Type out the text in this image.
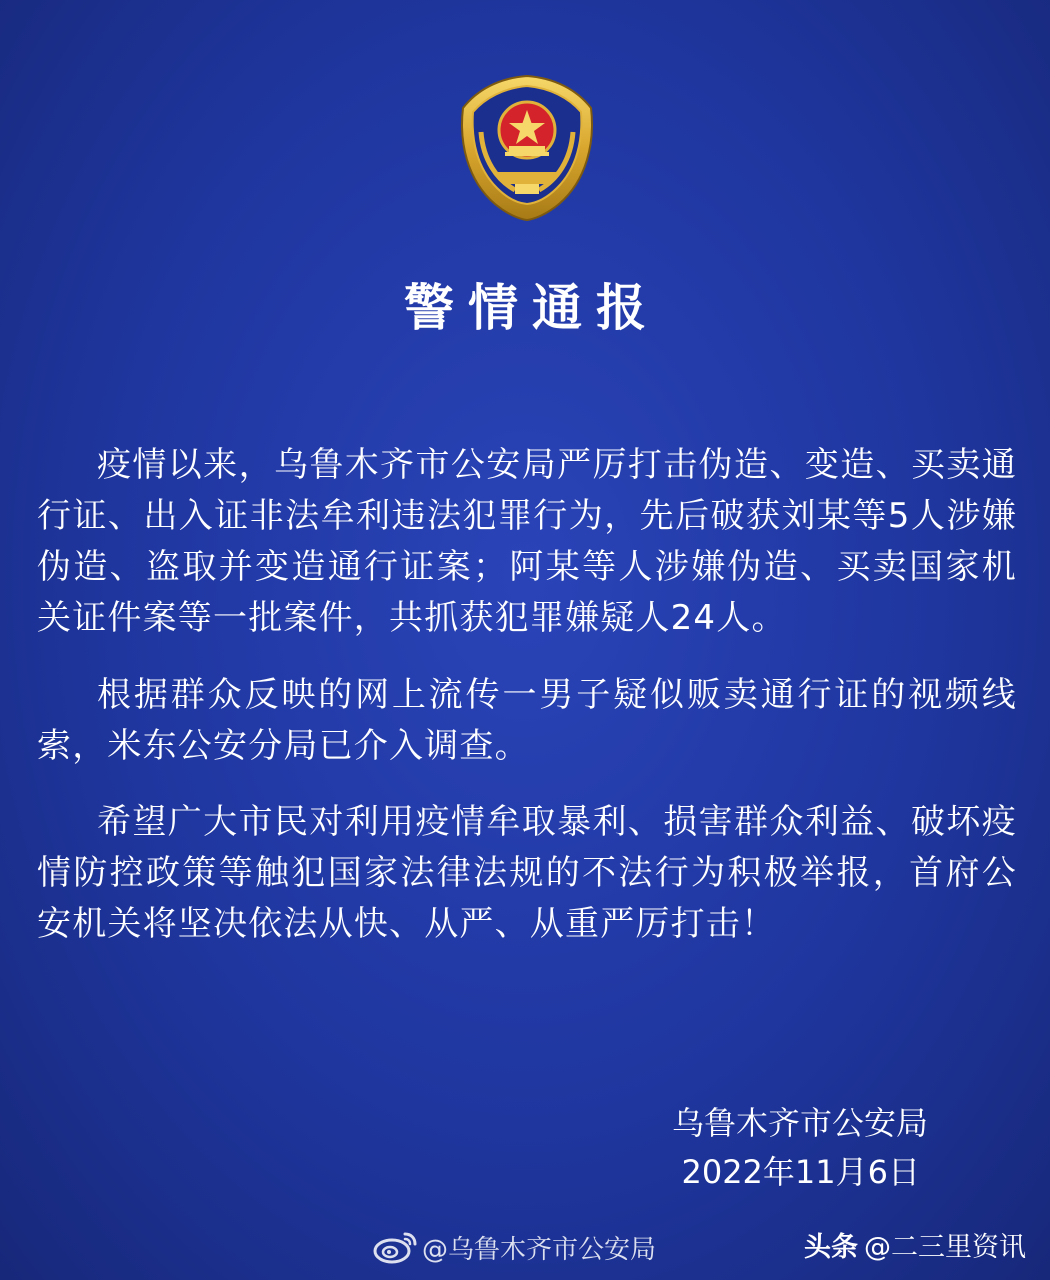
警情通报
疫情以来，乌鲁木齐市公安局严厉打击伪造、变造、买卖通行证、出入证非法牟利违法犯罪行为，先后破获刘某等5人涉嫌伪造、盗取并变造通行证案；阿某等人涉嫌伪造、买卖国家机关证件案等一批案件，共抓获犯罪嫌疑人24人。
根据群众反映的网上流传一男子疑似贩卖通行证的视频线索，米东公安分局已介入调查。
希望广大市民对利用疫情牟取暴利、损害群众利益、破坏疫情防控政策等触犯国家法律法规的不法行为积极举报，首府公安机关将坚决依法从快、从严、从重严厉打击！
乌鲁木齐市公安局
2022年11月6日
@乌鲁木齐市公安局	头条 @二三里资讯
